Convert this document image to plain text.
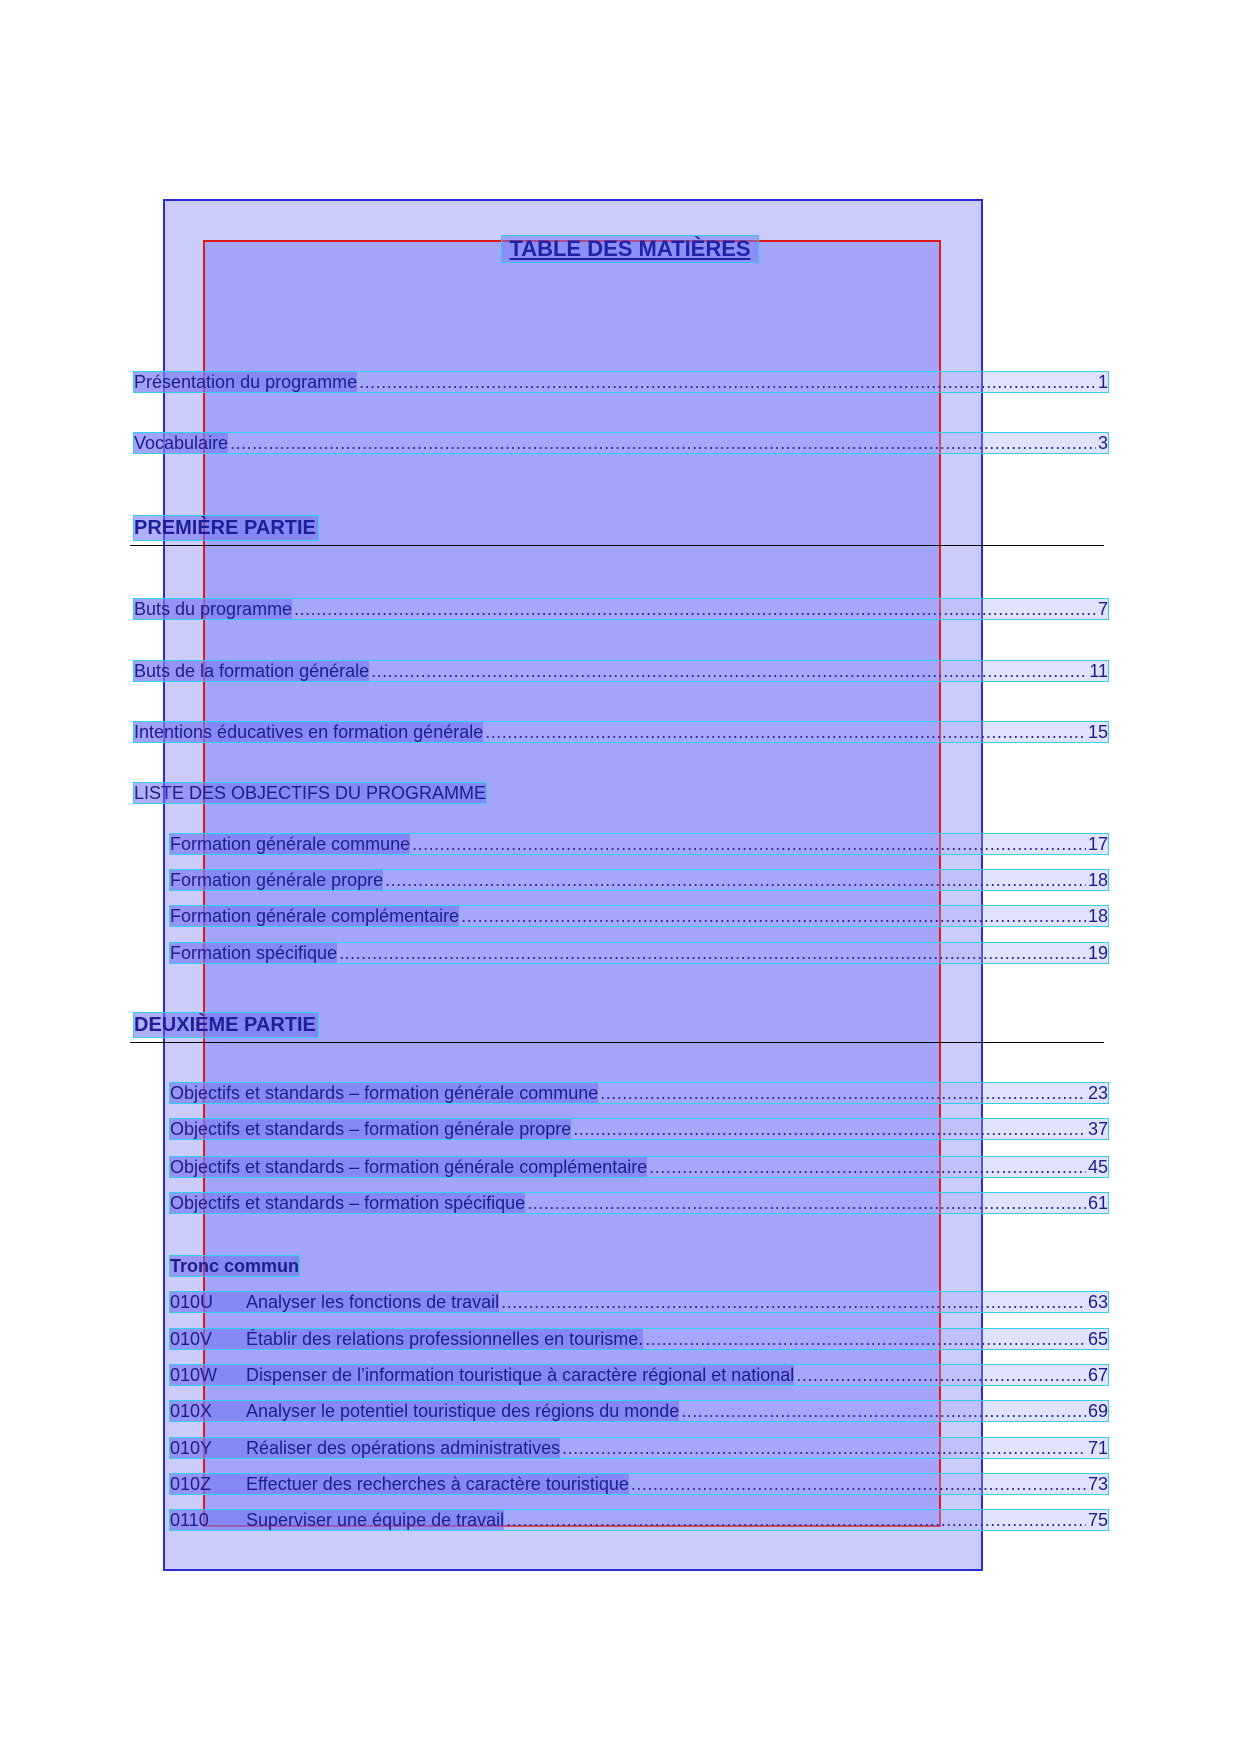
TABLE DES MATIÈRES
Présentation du programme .....	1
Vocabulaire .....	3
PREMIÈRE PARTIE
Buts du programme .....	7
Buts de la formation générale .....	11
Intentions éducatives en formation générale .....	15
LISTE DES OBJECTIFS DU PROGRAMME
Formation générale commune .....	17
Formation générale propre .....	18
Formation générale complémentaire .....	18
Formation spécifique .....	19
DEUXIÈME PARTIE
Objectifs et standards – formation générale commune .....	23
Objectifs et standards – formation générale propre .....	37
Objectifs et standards – formation générale complémentaire .....	45
Objectifs et standards – formation spécifique .....	61
Tronc commun
010U	Analyser les fonctions de travail .....	63
010V	Établir des relations professionnelles en tourisme. .....	65
010W	Dispenser de l’information touristique à caractère régional et national .....	67
010X	Analyser le potentiel touristique des régions du monde .....	69
010Y	Réaliser des opérations administratives .....	71
010Z	Effectuer des recherches à caractère touristique .....	73
0110	Superviser une équipe de travail .....	75
